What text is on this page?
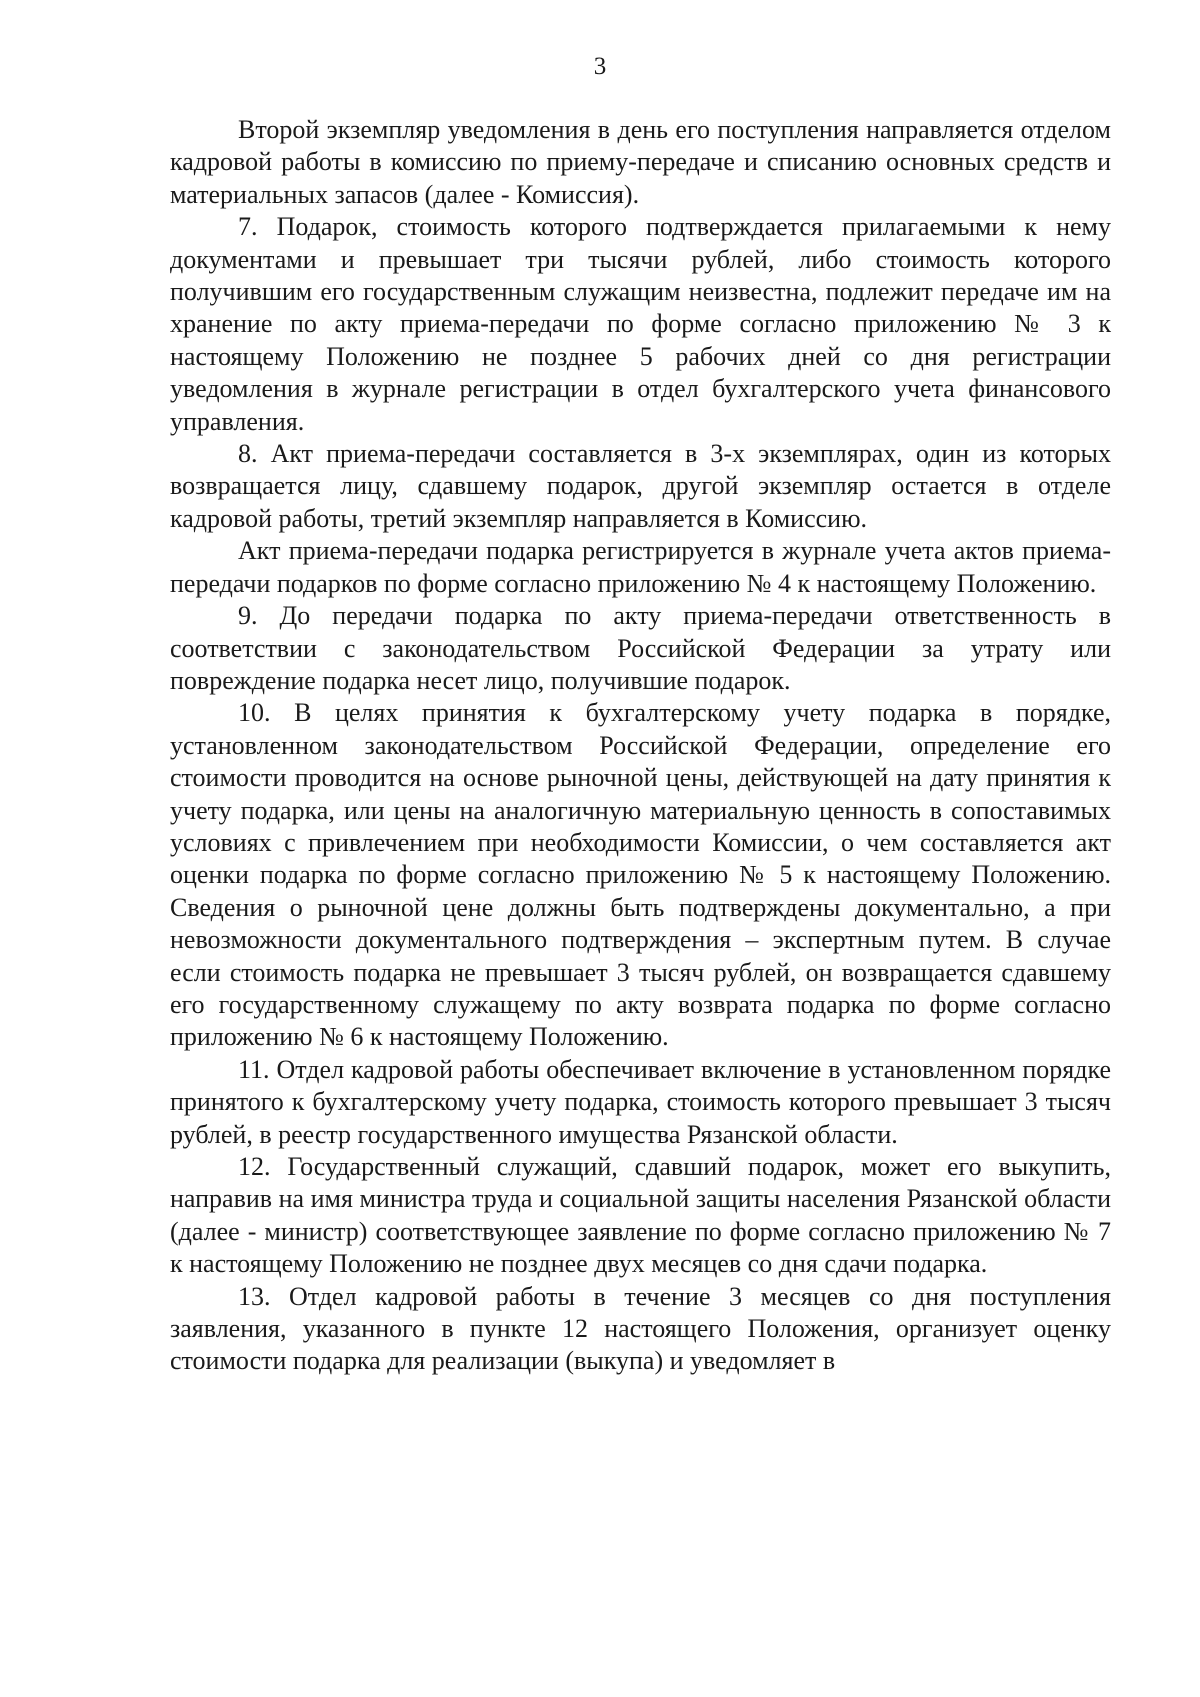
3

Второй экземпляр уведомления в день его поступления направляется отделом кадровой работы в комиссию по приему-передаче и списанию основных средств и материальных запасов (далее - Комиссия).

7. Подарок, стоимость которого подтверждается прилагаемыми к нему документами и превышает три тысячи рублей, либо стоимость которого получившим его государственным служащим неизвестна, подлежит передаче им на хранение по акту приема-передачи по форме согласно приложению № 3 к настоящему Положению не позднее 5 рабочих дней со дня регистрации уведомления в журнале регистрации в отдел бухгалтерского учета финансового управления.

8. Акт приема-передачи составляется в 3-х экземплярах, один из которых возвращается лицу, сдавшему подарок, другой экземпляр остается в отделе кадровой работы, третий экземпляр направляется в Комиссию.

Акт приема-передачи подарка регистрируется в журнале учета актов приема-передачи подарков по форме согласно приложению № 4 к настоящему Положению.

9. До передачи подарка по акту приема-передачи ответственность в соответствии с законодательством Российской Федерации за утрату или повреждение подарка несет лицо, получившие подарок.

10. В целях принятия к бухгалтерскому учету подарка в порядке, установленном законодательством Российской Федерации, определение его стоимости проводится на основе рыночной цены, действующей на дату принятия к учету подарка, или цены на аналогичную материальную ценность в сопоставимых условиях с привлечением при необходимости Комиссии, о чем составляется акт оценки подарка по форме согласно приложению № 5 к настоящему Положению. Сведения о рыночной цене должны быть подтверждены документально, а при невозможности документального подтверждения – экспертным путем. В случае если стоимость подарка не превышает 3 тысяч рублей, он возвращается сдавшему его государственному служащему по акту возврата подарка по форме согласно приложению № 6 к настоящему Положению.

11. Отдел кадровой работы обеспечивает включение в установленном порядке принятого к бухгалтерскому учету подарка, стоимость которого превышает 3 тысяч рублей, в реестр государственного имущества Рязанской области.

12. Государственный служащий, сдавший подарок, может его выкупить, направив на имя министра труда и социальной защиты населения Рязанской области (далее - министр) соответствующее заявление по форме согласно приложению № 7 к настоящему Положению не позднее двух месяцев со дня сдачи подарка.

13. Отдел кадровой работы в течение 3 месяцев со дня поступления заявления, указанного в пункте 12 настоящего Положения, организует оценку стоимости подарка для реализации (выкупа) и уведомляет в
